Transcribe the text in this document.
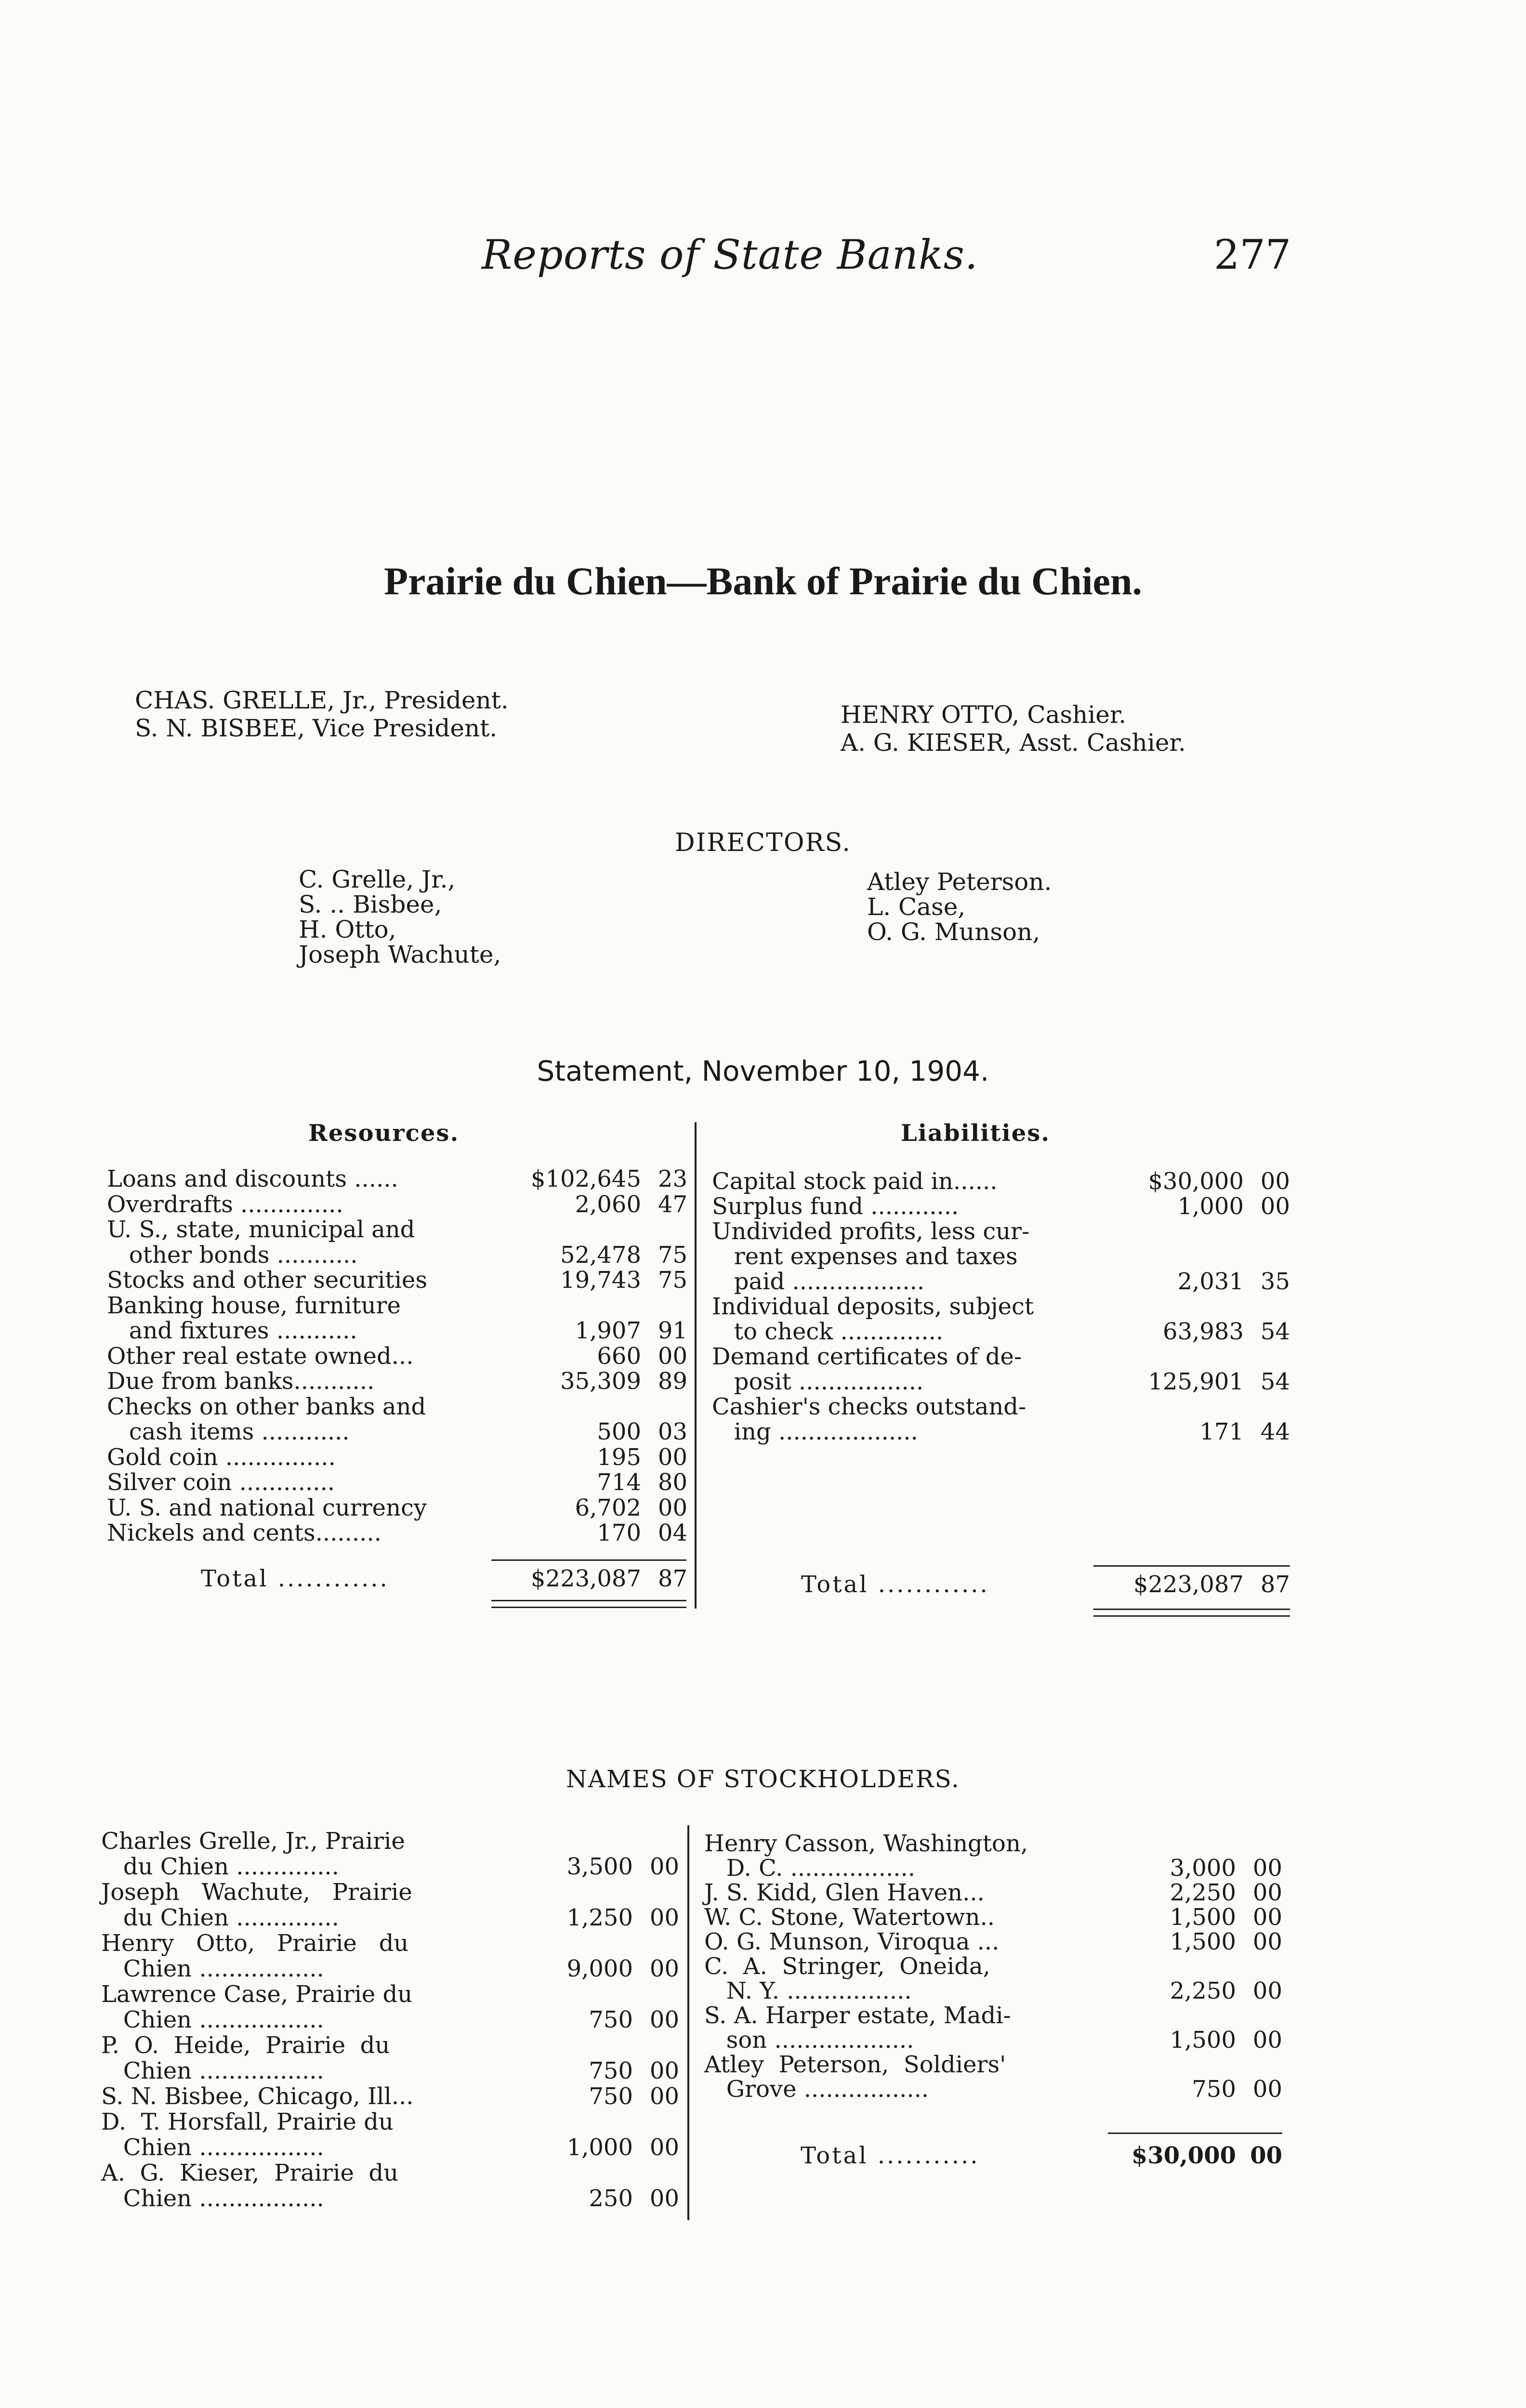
Reports of State Banks.	277
Prairie du Chien—Bank of Prairie du Chien.
CHAS. GRELLE, Jr., President.
S. N. BISBEE, Vice President.	HENRY OTTO, Cashier.
A. G. KIESER, Asst. Cashier.
DIRECTORS.
C. Grelle, Jr.,
S. .. Bisbee,
H. Otto,
Joseph Wachute,
Atley Peterson.
L. Case,
O. G. Munson,
Statement, November 10, 1904.
Resources.	Liabilities.
Loans and discounts ......	$102,645 23
Overdrafts ..............	2,060 47
U. S., state, municipal and
other bonds ...........	52,478 75
Stocks and other securities	19,743 75
Banking house, furniture
and fixtures ...........	1,907 91
Other real estate owned...	660 00
Due from banks...........	35,309 89
Checks on other banks and
cash items ............	500 03
Gold coin ...............	195 00
Silver coin .............	714 80
U. S. and national currency	6,702 00
Nickels and cents.........	170 04
Capital stock paid in......	$30,000 00
Surplus fund ............	1,000 00
Undivided profits, less cur-
rent expenses and taxes
paid ..................	2,031 35
Individual deposits, subject
to check ..............	63,983 54
Demand certificates of de-
posit .................	125,901 54
Cashier's checks outstand-
ing ...................	171 44
Total ............	$223,087 87	Total ............	$223,087 87
NAMES OF STOCKHOLDERS.
Charles Grelle, Jr., Prairie
du Chien ..............	3,500 00
Joseph   Wachute,   Prairie
du Chien ..............	1,250 00
Henry   Otto,   Prairie   du
Chien .................	9,000 00
Lawrence Case, Prairie du
Chien .................	750 00
P.  O.  Heide,  Prairie  du
Chien .................	750 00
S. N. Bisbee, Chicago, Ill...	750 00
D.  T. Horsfall, Prairie du
Chien .................	1,000 00
A.  G.  Kieser,  Prairie  du
Chien .................	250 00
Henry Casson, Washington,
D. C. .................	3,000 00
J. S. Kidd, Glen Haven...	2,250 00
W. C. Stone, Watertown..	1,500 00
O. G. Munson, Viroqua ...	1,500 00
C.  A.  Stringer,  Oneida,
N. Y. .................	2,250 00
S. A. Harper estate, Madi-
son ...................	1,500 00
Atley  Peterson,  Soldiers'
Grove .................	750 00
Total ...........	$30,000 00
